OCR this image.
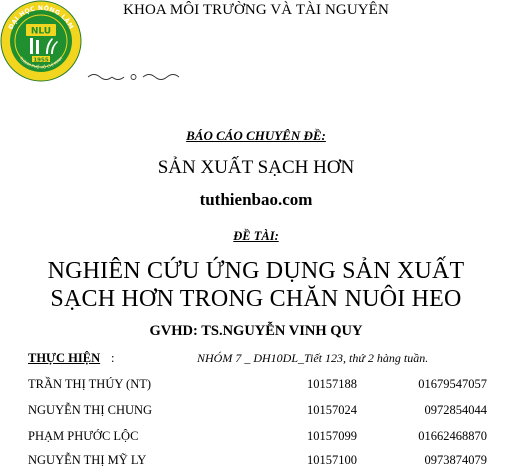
KHOA MÔI TRƯỜNG VÀ TÀI NGUYÊN
ĐẠI HỌC NÔNG LÂM
NLU
1955
THÀNH PHỐ HỒ CHÍ MINH

BÁO CÁO CHUYÊN ĐỀ:
SẢN XUẤT SẠCH HƠN
tuthienbao.com
ĐỀ TÀI:
NGHIÊN CỨU ỨNG DỤNG SẢN XUẤT
SẠCH HƠN TRONG CHĂN NUÔI HEO
GVHD: TS.NGUYỄN VINH QUY
THỰC HIỆN :	NHÓM 7 _ DH10DL_Tiết 123, thứ 2 hàng tuần.
TRẦN THỊ THÚY (NT)	10157188	01679547057
NGUYỄN THỊ CHUNG	10157024	0972854044
PHẠM PHƯỚC LỘC	10157099	01662468870
NGUYỄN THỊ MỸ LY	10157100	0973874079
